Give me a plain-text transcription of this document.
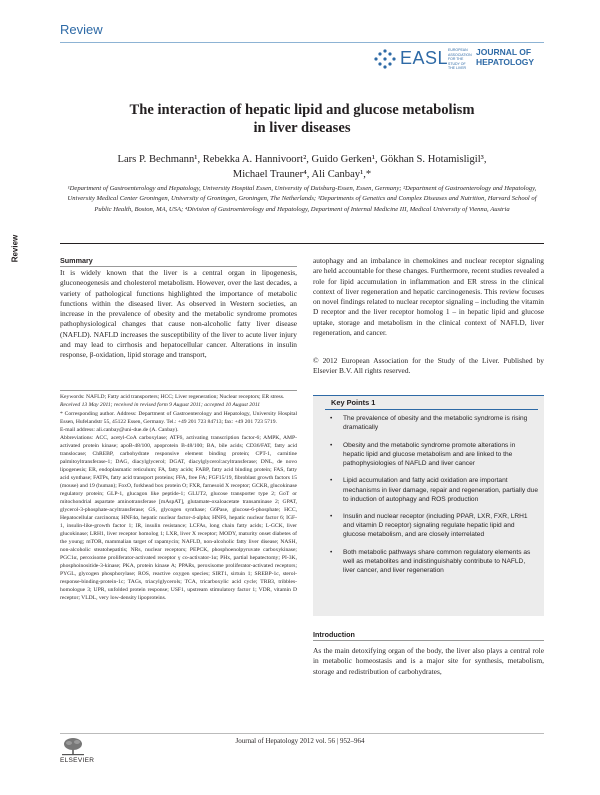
Review
EASL EUROPEAN ASSOCIATION FOR THE STUDY OF THE LIVER
JOURNAL OF
HEPATOLOGY
The interaction of hepatic lipid and glucose metabolism
in liver diseases
Lars P. Bechmann¹, Rebekka A. Hannivoort², Guido Gerken¹, Gökhan S. Hotamisligil³,
Michael Trauner⁴, Ali Canbay¹,*
¹Department of Gastroenterology and Hepatology, University Hospital Essen, University of Duisburg-Essen, Essen, Germany; ²Department of Gastroenterology and Hepatology, University Medical Center Groningen, University of Groningen, Groningen, The Netherlands; ³Departments of Genetics and Complex Diseases and Nutrition, Harvard School of Public Health, Boston, MA, USA; ⁴Division of Gastroenterology and Hepatology, Department of Internal Medicine III, Medical University of Vienna, Austria
Review	Summary
It is widely known that the liver is a central organ in lipogenesis, gluconeogenesis and cholesterol metabolism. However, over the last decades, a variety of pathological functions highlighted the importance of metabolic functions within the diseased liver. As observed in Western societies, an increase in the prevalence of obesity and the metabolic syndrome promotes pathophysiological changes that cause non-alcoholic fatty liver disease (NAFLD). NAFLD increases the susceptibility of the liver to acute liver injury and may lead to cirrhosis and hepatocellular cancer. Alterations in insulin response, β-oxidation, lipid storage and transport,
autophagy and an imbalance in chemokines and nuclear receptor signaling are held accountable for these changes. Furthermore, recent studies revealed a role for lipid accumulation in inflammation and ER stress in the clinical context of liver regeneration and hepatic carcinogenesis. This review focuses on novel findings related to nuclear receptor signaling – including the vitamin D receptor and the liver receptor homolog 1 – in hepatic lipid and glucose uptake, storage and metabolism in the clinical context of NAFLD, liver regeneration, and cancer.
© 2012 European Association for the Study of the Liver. Published by Elsevier B.V. All rights reserved.
Keywords: NAFLD; Fatty acid transporters; HCC; Liver regeneration; Nuclear receptors; ER stress.
Received 13 May 2011; received in revised form 9 August 2011; accepted 10 August 2011
* Corresponding author. Address: Department of Gastroenterology and Hepatology, University Hospital Essen, Hufelandstr 55, 45122 Essen, Germany. Tel.: +49 201 723 84713; fax: +49 201 723 5719.
E-mail address: ali.canbay@uni-due.de (A. Canbay).
Abbreviations: ACC, acetyl-CoA carboxylase; ATF6, activating transcription factor-6; AMPK, AMP-activated protein kinase; apoB-48/100, apoprotein B-48/100; BA, bile acids; CD36/FAT, fatty acid translocase; ChREBP, carbohydrate responsive element binding protein; CPT-1, carnitine palmitoyltransferase-1; DAG, diacylglycerol; DGAT, diacylglycerol:acyltransferase; DNL, de novo lipogenesis; ER, endoplasmatic reticulum; FA, fatty acids; FABP, fatty acid binding protein; FAS, fatty acid synthase; FATPs, fatty acid transport proteins; FFA, free FA; FGF15/19, fibroblast growth factors 15 (mouse) and 19 (human); FoxO, forkhead box protein O; FXR, farnesoid X receptor; GCKR, glucokinase regulatory protein; GLP-1, glucagon like peptide-1; GLUT2, glucose transporter type 2; GoT or mitochondrial aspartate aminotransferase [mAspAT], glutamate-oxaloacetate transaminase 2; GPAT, glycerol-3-phosphate-acyltransferase; GS, glycogen synthase; G6Pase, glucose-6-phosphate; HCC, Hepatocellular carcinoma; HNF4α, hepatic nuclear factor-4-alpha; HNF6, hepatic nuclear factor 6; IGF-1, insulin-like-growth factor 1; IR, insulin resistance; LCFAs, long chain fatty acids; L-GCK, liver glucokinase; LRH1, liver receptor homolog 1; LXR, liver X receptor; MODY, maturity onset diabetes of the young; mTOR, mammalian target of rapamycin; NAFLD, non-alcoholic fatty liver disease; NASH, non-alcoholic steatohepatitis; NRs, nuclear receptors; PEPCK, phosphoenolpyruvate carboxykinase; PGC1α, peroxisome proliferator-activated receptor γ co-activator-1α; PHx, partial hepatectomy; PI-3K, phosphoinositide-3-kinase; PKA, protein kinase A; PPARs, peroxisome proliferator-activated receptors; PYGL, glycogen phosphorylase; ROS, reactive oxygen species; SIRT1, sirtuin 1; SREBP-1c, sterol-response-binding-protein-1c; TAGs, triacylglycerols; TCA, tricarboxylic acid cycle; TRB3, tribbles-homologue 3; UPR, unfolded protein response; USF1, upstream stimulatory factor 1; VDR, vitamin D receptor; VLDL, very low-density lipoproteins.
Key Points 1
• The prevalence of obesity and the metabolic syndrome is rising dramatically
• Obesity and the metabolic syndrome promote alterations in hepatic lipid and glucose metabolism and are linked to the pathophysiologies of NAFLD and liver cancer
• Lipid accumulation and fatty acid oxidation are important mechanisms in liver damage, repair and regeneration, partially due to induction of autophagy and ROS production
• Insulin and nuclear receptor (including PPAR, LXR, FXR, LRH1 and vitamin D receptor) signaling regulate hepatic lipid and glucose metabolism, and are closely interrelated
• Both metabolic pathways share common regulatory elements as well as metabolites and indistinguishably contribute to NAFLD, liver cancer, and liver regeneration
Introduction
As the main detoxifying organ of the body, the liver also plays a central role in metabolic homeostasis and is a major site for synthesis, metabolism, storage and redistribution of carbohydrates,
Journal of Hepatology 2012 vol. 56 | 952–964
ELSEVIER
